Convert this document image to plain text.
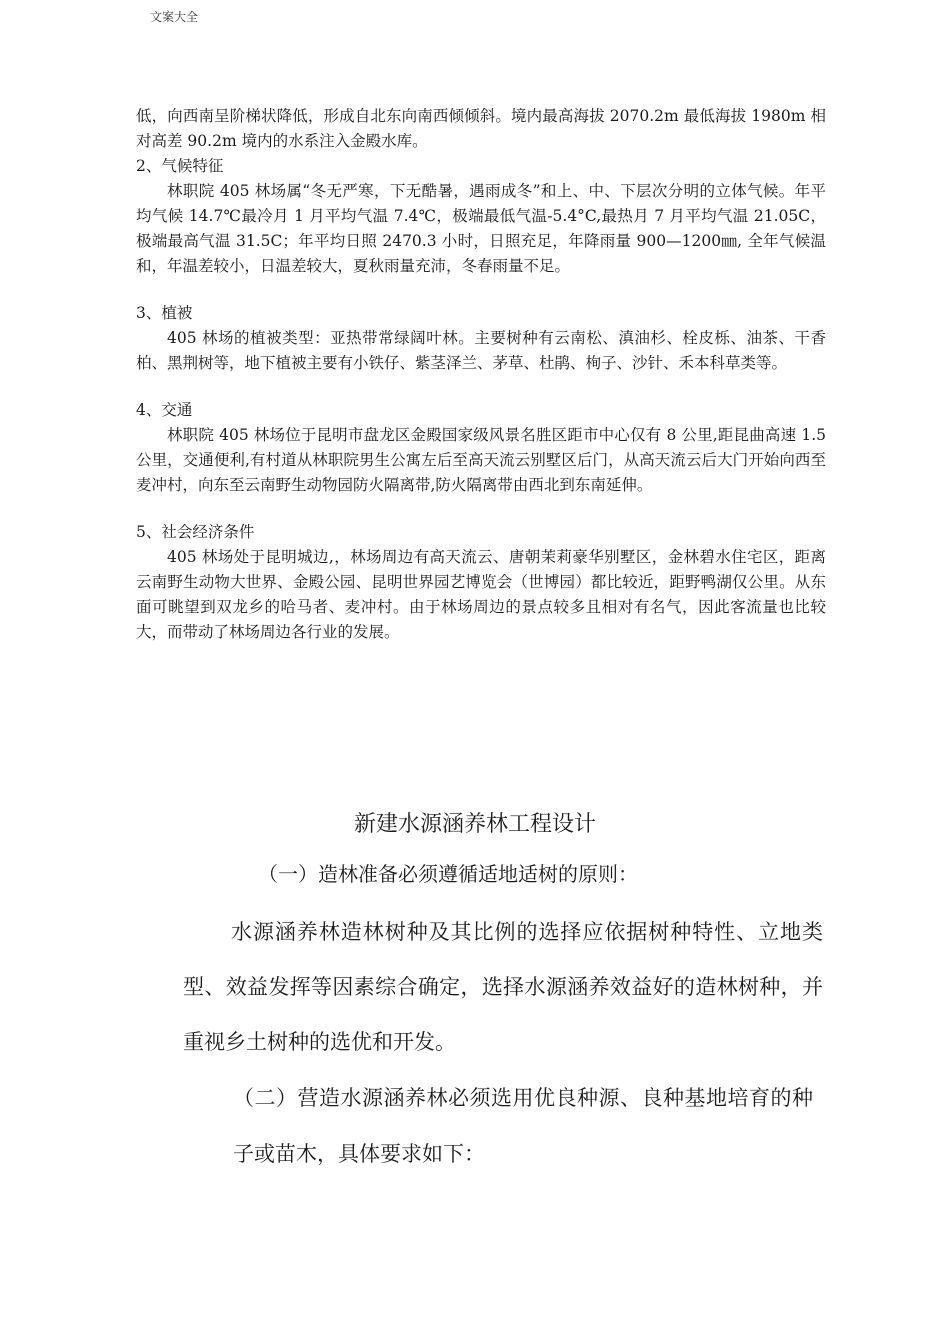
文案大全

低，向西南呈阶梯状降低，形成自北东向南西倾倾斜。境内最高海拔 2070.2m 最低海拔 1980m 相对高差 90.2m 境内的水系注入金殿水库。

2、气候特征

林职院 405 林场属“冬无严寒，下无酷暑，遇雨成冬”和上、中、下层次分明的立体气候。年平均气候 14.7℃最冷月 1 月平均气温 7.4℃，极端最低气温-5.4°C,最热月 7 月平均气温 21.05C，极端最高气温 31.5C；年平均日照 2470.3 小时，日照充足，年降雨量 900—1200㎜, 全年气候温和，年温差较小，日温差较大，夏秋雨量充沛，冬春雨量不足。

3、植被

405 林场的植被类型：亚热带常绿阔叶林。主要树种有云南松、滇油杉、栓皮栎、油茶、干香柏、黑荆树等，地下植被主要有小铁仔、紫茎泽兰、茅草、杜鹃、栒子、沙针、禾本科草类等。

4、交通

林职院 405 林场位于昆明市盘龙区金殿国家级风景名胜区距市中心仅有 8 公里,距昆曲高速 1.5 公里，交通便利,有村道从林职院男生公寓左后至高天流云别墅区后门，从高天流云后大门开始向西至麦冲村，向东至云南野生动物园防火隔离带,防火隔离带由西北到东南延伸。

5、社会经济条件

405 林场处于昆明城边,，林场周边有高天流云、唐朝茉莉豪华别墅区，金林碧水住宅区，距离云南野生动物大世界、金殿公园、昆明世界园艺博览会（世博园）都比较近，距野鸭湖仅公里。从东面可眺望到双龙乡的哈马者、麦冲村。由于林场周边的景点较多且相对有名气，因此客流量也比较大，而带动了林场周边各行业的发展。

新建水源涵养林工程设计

（一）造林准备必须遵循适地适树的原则：

水源涵养林造林树种及其比例的选择应依据树种特性、立地类型、效益发挥等因素综合确定，选择水源涵养效益好的造林树种，并重视乡土树种的选优和开发。

（二）营造水源涵养林必须选用优良种源、良种基地培育的种子或苗木，具体要求如下：
